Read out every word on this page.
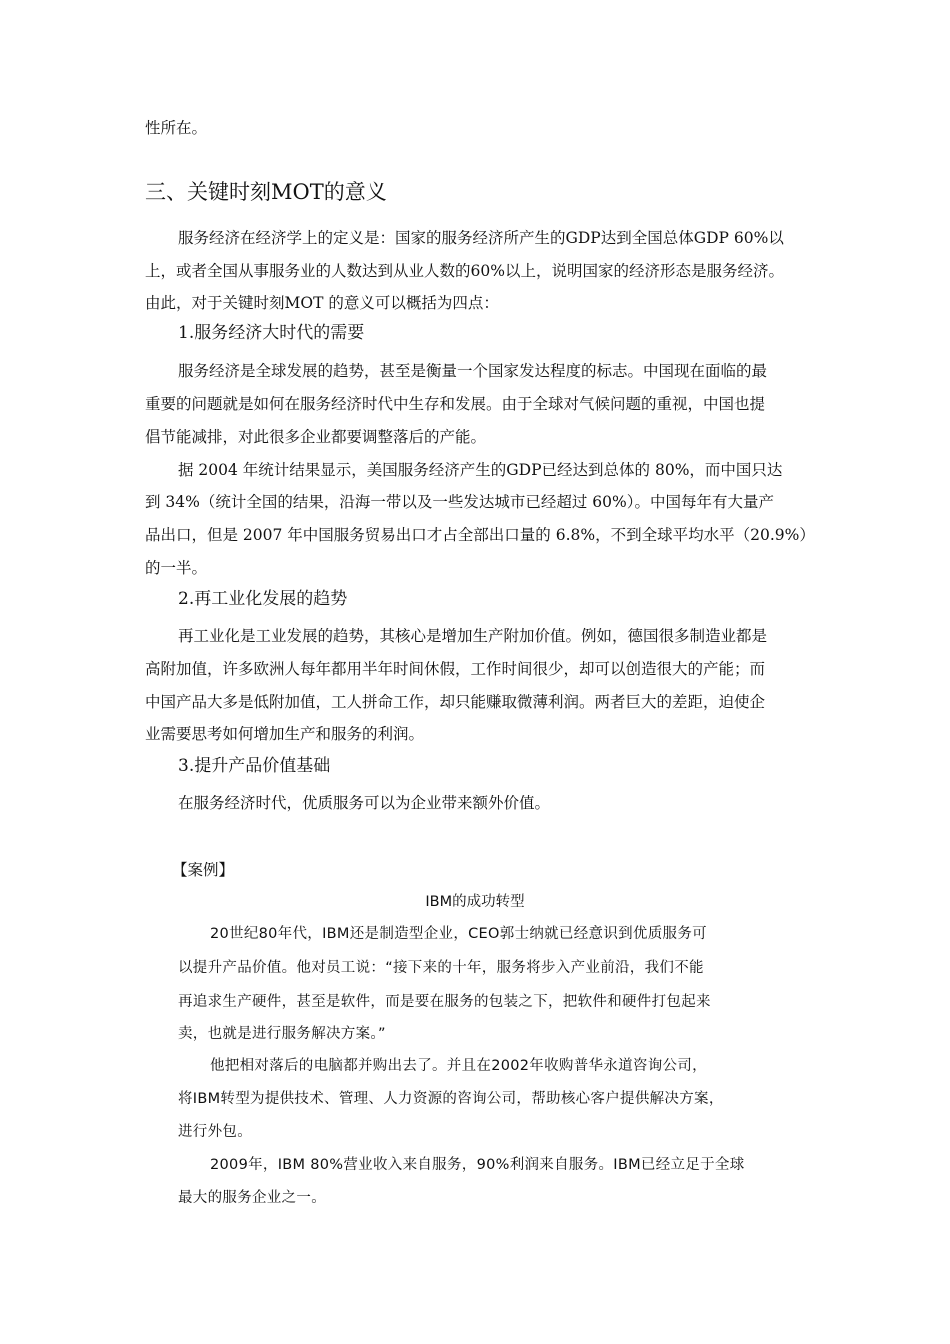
性所在。
三、关键时刻MOT的意义
服务经济在经济学上的定义是：国家的服务经济所产生的GDP达到全国总体GDP 60%以
上，或者全国从事服务业的人数达到从业人数的60%以上，说明国家的经济形态是服务经济。
由此，对于关键时刻MOT 的意义可以概括为四点：
1.服务经济大时代的需要
服务经济是全球发展的趋势，甚至是衡量一个国家发达程度的标志。中国现在面临的最
重要的问题就是如何在服务经济时代中生存和发展。由于全球对气候问题的重视，中国也提
倡节能减排，对此很多企业都要调整落后的产能。
据 2004 年统计结果显示，美国服务经济产生的GDP已经达到总体的 80%，而中国只达
到 34%（统计全国的结果，沿海一带以及一些发达城市已经超过 60%）。中国每年有大量产
品出口，但是 2007 年中国服务贸易出口才占全部出口量的 6.8%，不到全球平均水平（20.9%）
的一半。
2.再工业化发展的趋势
再工业化是工业发展的趋势，其核心是增加生产附加价值。例如，德国很多制造业都是
高附加值，许多欧洲人每年都用半年时间休假，工作时间很少，却可以创造很大的产能；而
中国产品大多是低附加值，工人拼命工作，却只能赚取微薄利润。两者巨大的差距，迫使企
业需要思考如何增加生产和服务的利润。
3.提升产品价值基础
在服务经济时代，优质服务可以为企业带来额外价值。
【案例】
IBM的成功转型
20世纪80年代，IBM还是制造型企业，CEO郭士纳就已经意识到优质服务可
以提升产品价值。他对员工说：“接下来的十年，服务将步入产业前沿，我们不能
再追求生产硬件，甚至是软件，而是要在服务的包装之下，把软件和硬件打包起来
卖，也就是进行服务解决方案。”
他把相对落后的电脑都并购出去了。并且在2002年收购普华永道咨询公司，
将IBM转型为提供技术、管理、人力资源的咨询公司，帮助核心客户提供解决方案，
进行外包。
2009年，IBM 80%营业收入来自服务，90%利润来自服务。IBM已经立足于全球
最大的服务企业之一。
